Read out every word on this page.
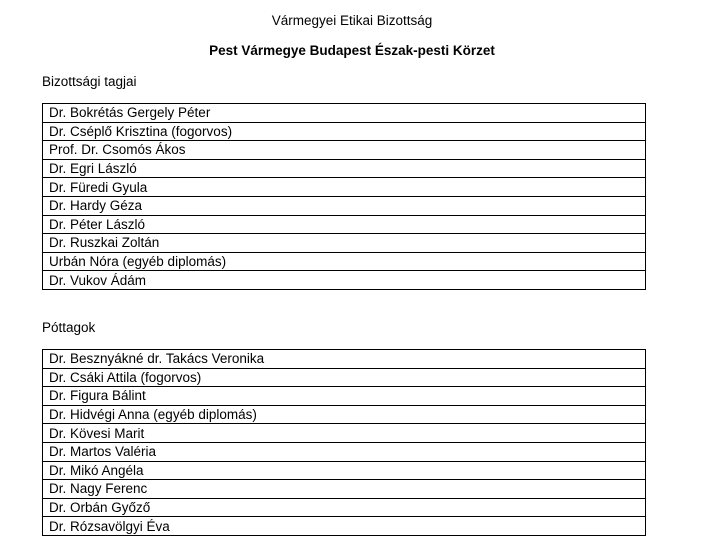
Vármegyei Etikai Bizottság
Pest Vármegye Budapest Észak-pesti Körzet
Bizottsági tagjai
Dr. Bokrétás Gergely Péter
Dr. Cséplő Krisztina (fogorvos)
Prof. Dr. Csomós Ákos
Dr. Egri László
Dr. Füredi Gyula
Dr. Hardy Géza
Dr. Péter László
Dr. Ruszkai Zoltán
Urbán Nóra (egyéb diplomás)
Dr. Vukov Ádám
Póttagok
Dr. Besznyákné dr. Takács Veronika
Dr. Csáki Attila (fogorvos)
Dr. Figura Bálint
Dr. Hidvégi Anna (egyéb diplomás)
Dr. Kövesi Marit
Dr. Martos Valéria
Dr. Mikó Angéla
Dr. Nagy Ferenc
Dr. Orbán Győző
Dr. Rózsavölgyi Éva
